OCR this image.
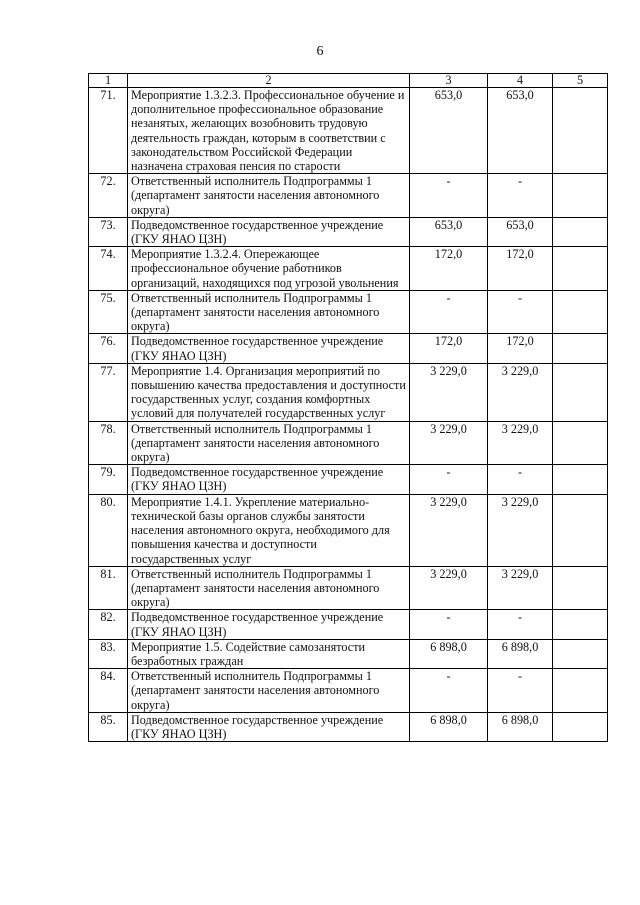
6
1	2	3	4	5
71.	Мероприятие 1.3.2.3. Профессиональное обучение и дополнительное профессиональное образование незанятых, желающих возобновить трудовую деятельность граждан, которым в соответствии с законодательством Российской Федерации назначена страховая пенсия по старости	653,0	653,0	
72.	Ответственный исполнитель Подпрограммы 1 (департамент занятости населения автономного округа)	-	-	
73.	Подведомственное государственное учреждение (ГКУ ЯНАО ЦЗН)	653,0	653,0	
74.	Мероприятие 1.3.2.4. Опережающее профессиональное обучение работников организаций, находящихся под угрозой увольнения	172,0	172,0	
75.	Ответственный исполнитель Подпрограммы 1 (департамент занятости населения автономного округа)	-	-	
76.	Подведомственное государственное учреждение (ГКУ ЯНАО ЦЗН)	172,0	172,0	
77.	Мероприятие 1.4. Организация мероприятий по повышению качества предоставления и доступности государственных услуг, создания комфортных условий для получателей государственных услуг	3 229,0	3 229,0	
78.	Ответственный исполнитель Подпрограммы 1 (департамент занятости населения автономного округа)	3 229,0	3 229,0	
79.	Подведомственное государственное учреждение (ГКУ ЯНАО ЦЗН)	-	-	
80.	Мероприятие 1.4.1. Укрепление материально-технической базы органов службы занятости населения автономного округа, необходимого для повышения качества и доступности государственных услуг	3 229,0	3 229,0	
81.	Ответственный исполнитель Подпрограммы 1 (департамент занятости населения автономного округа)	3 229,0	3 229,0	
82.	Подведомственное государственное учреждение (ГКУ ЯНАО ЦЗН)	-	-	
83.	Мероприятие 1.5. Содействие самозанятости безработных граждан	6 898,0	6 898,0	
84.	Ответственный исполнитель Подпрограммы 1 (департамент занятости населения автономного округа)	-	-	
85.	Подведомственное государственное учреждение (ГКУ ЯНАО ЦЗН)	6 898,0	6 898,0	
